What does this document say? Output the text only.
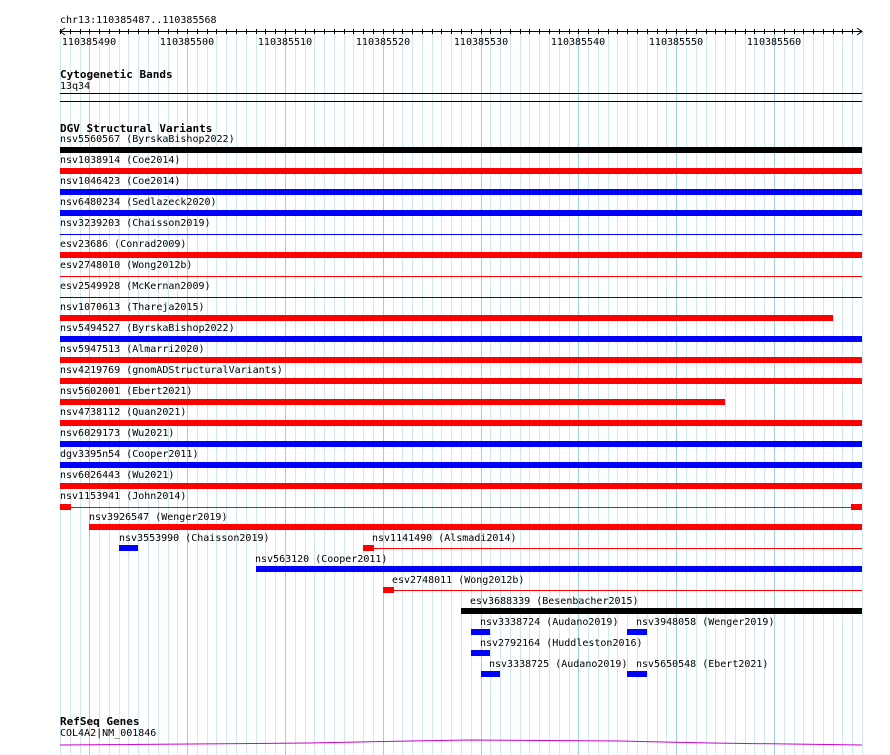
chr13:110385487..110385568
110385490	110385500	110385510	110385520	110385530	110385540	110385550	110385560
Cytogenetic Bands
13q34
DGV Structural Variants
nsv5560567 (ByrskaBishop2022)
nsv1038914 (Coe2014)
nsv1046423 (Coe2014)
nsv6480234 (Sedlazeck2020)
nsv3239203 (Chaisson2019)
esv23686 (Conrad2009)
esv2748010 (Wong2012b)
esv2549928 (McKernan2009)
nsv1070613 (Thareja2015)
nsv5494527 (ByrskaBishop2022)
nsv5947513 (Almarri2020)
nsv4219769 (gnomADStructuralVariants)
nsv5602001 (Ebert2021)
nsv4738112 (Quan2021)
nsv6029173 (Wu2021)
dgv3395n54 (Cooper2011)
nsv6026443 (Wu2021)
nsv1153941 (John2014)
nsv3926547 (Wenger2019)
nsv3553990 (Chaisson2019)	nsv1141490 (Alsmadi2014)
nsv563120 (Cooper2011)
esv2748011 (Wong2012b)
esv3688339 (Besenbacher2015)
nsv3338724 (Audano2019) nsv3948058 (Wenger2019)
nsv2792164 (Huddleston2016)
nsv3338725 (Audano2019) nsv5650548 (Ebert2021)
RefSeq Genes
COL4A2|NM_001846
